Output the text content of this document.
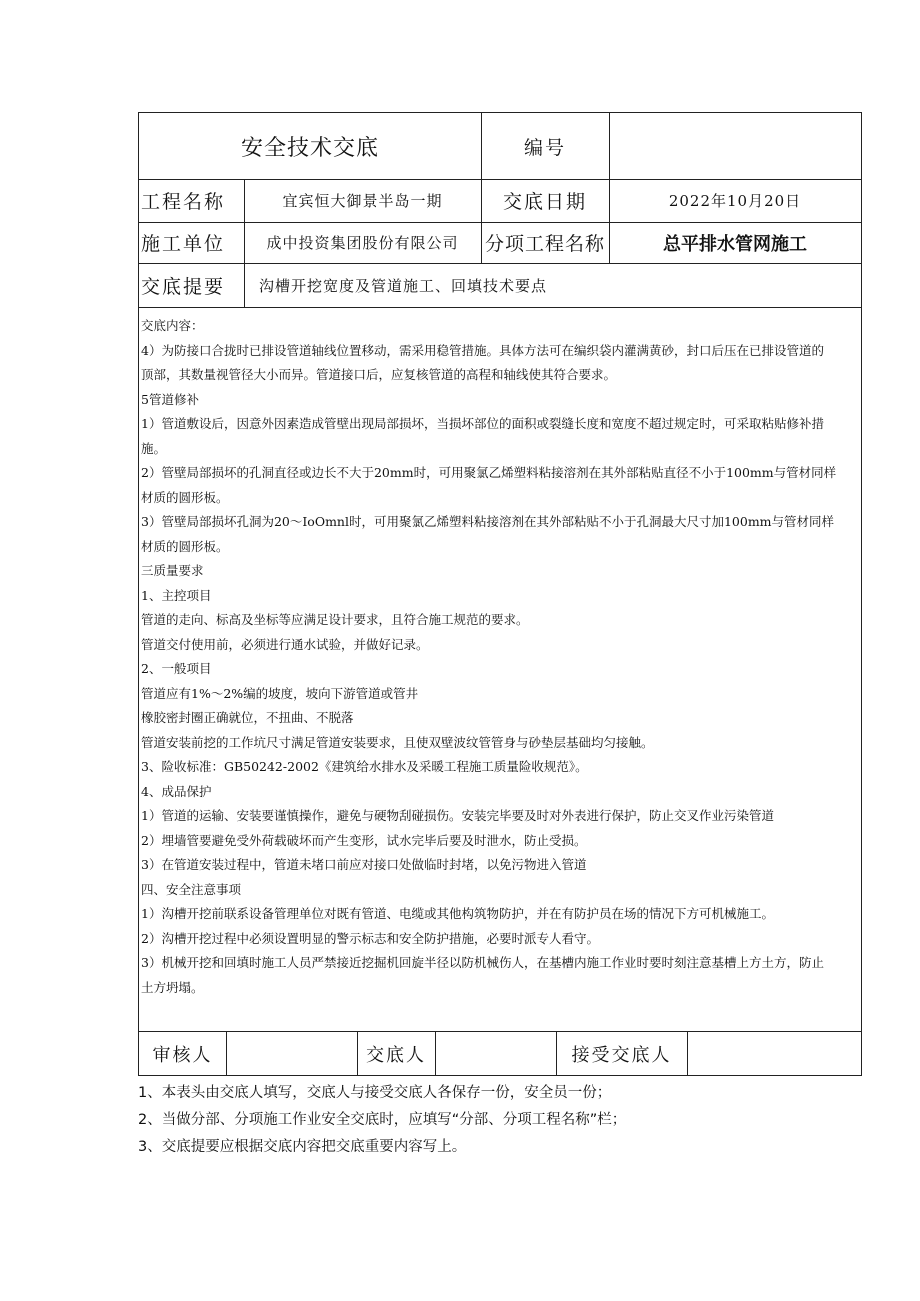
安全技术交底	编号
工程名称	宜宾恒大御景半岛一期	交底日期	2022年10月20日
施工单位	成中投资集团股份有限公司	分项工程名称	总平排水管网施工
交底提要	沟槽开挖宽度及管道施工、回填技术要点

交底内容：

4）为防接口合拢时已排设管道轴线位置移动，需采用稳管措施。具体方法可在编织袋内灌满黄砂，封口后压在已排设管道的

顶部，其数量视管径大小而异。管道接口后，应复核管道的高程和轴线使其符合要求。

5管道修补

1）管道敷设后，因意外因素造成管壁出现局部损坏，当损坏部位的面积或裂缝长度和宽度不超过规定时，可采取粘贴修补措

施。

2）管壁局部损坏的孔洞直径或边长不大于20mm时，可用聚氯乙烯塑料粘接溶剂在其外部粘贴直径不小于100mm与管材同样

材质的圆形板。

3）管壁局部损坏孔洞为20～IoOmnl时，可用聚氯乙烯塑料粘接溶剂在其外部粘贴不小于孔洞最大尺寸加100mm与管材同样

材质的圆形板。

三质量要求

1、主控项目

管道的走向、标高及坐标等应满足设计要求，且符合施工规范的要求。

管道交付使用前，必须进行通水试验，并做好记录。

2、一般项目

管道应有1%～2%编的坡度，坡向下游管道或管井

橡胶密封圈正确就位，不扭曲、不脱落

管道安装前挖的工作坑尺寸满足管道安装要求，且使双壁波纹管管身与砂垫层基础均匀接触。

3、险收标准：GB50242-2002《建筑给水排水及采暖工程施工质量险收规范》。

4、成品保护

1）管道的运输、安装要谨慎操作，避免与硬物刮碰损伤。安装完毕要及时对外表进行保护，防止交叉作业污染管道

2）埋墙管要避免受外荷载破坏而产生变形，试水完毕后要及时泄水，防止受损。

3）在管道安装过程中，管道未堵口前应对接口处做临时封堵，以免污物进入管道

四、安全注意事项

1）沟槽开挖前联系设备管理单位对既有管道、电缆或其他构筑物防护，并在有防护员在场的情况下方可机械施工。

2）沟槽开挖过程中必须设置明显的警示标志和安全防护措施，必要时派专人看守。

3）机械开挖和回填时施工人员严禁接近挖掘机回旋半径以防机械伤人，在基槽内施工作业时要时刻注意基槽上方土方，防止

土方坍塌。

审核人	交底人	接受交底人

1、本表头由交底人填写，交底人与接受交底人各保存一份，安全员一份；

2、当做分部、分项施工作业安全交底时，应填写“分部、分项工程名称”栏；

3、交底提要应根据交底内容把交底重要内容写上。
